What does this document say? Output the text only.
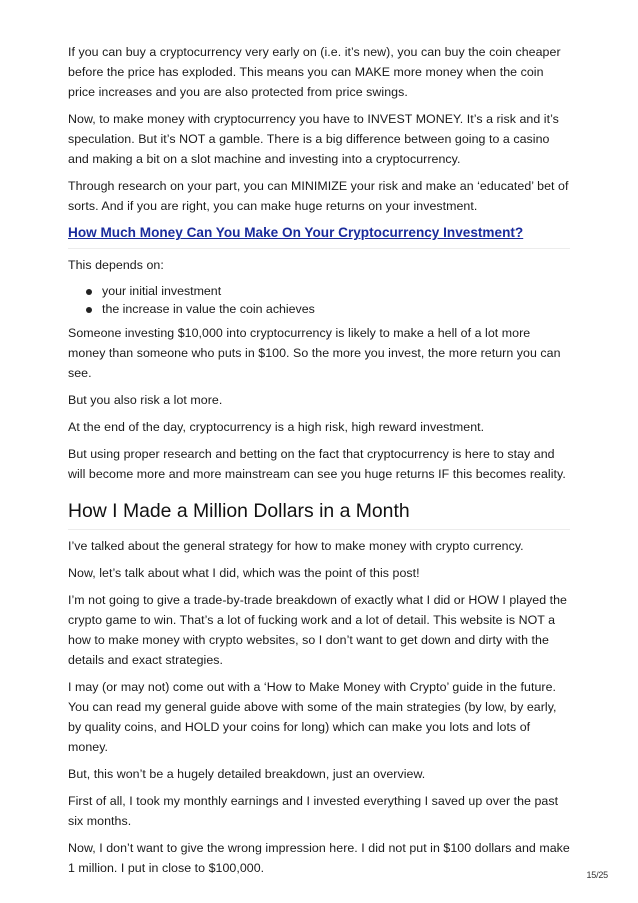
If you can buy a cryptocurrency very early on (i.e. it’s new), you can buy the coin cheaper before the price has exploded. This means you can MAKE more money when the coin price increases and you are also protected from price swings.

Now, to make money with cryptocurrency you have to INVEST MONEY. It’s a risk and it’s speculation. But it’s NOT a gamble. There is a big difference between going to a casino and making a bit on a slot machine and investing into a cryptocurrency.

Through research on your part, you can MINIMIZE your risk and make an ‘educated’ bet of sorts. And if you are right, you can make huge returns on your investment.

How Much Money Can You Make On Your Cryptocurrency Investment?

This depends on:

your initial investment
the increase in value the coin achieves

Someone investing $10,000 into cryptocurrency is likely to make a hell of a lot more money than someone who puts in $100. So the more you invest, the more return you can see.

But you also risk a lot more.

At the end of the day, cryptocurrency is a high risk, high reward investment.

But using proper research and betting on the fact that cryptocurrency is here to stay and will become more and more mainstream can see you huge returns IF this becomes reality.

How I Made a Million Dollars in a Month

I’ve talked about the general strategy for how to make money with crypto currency.

Now, let’s talk about what I did, which was the point of this post!

I’m not going to give a trade-by-trade breakdown of exactly what I did or HOW I played the crypto game to win. That’s a lot of fucking work and a lot of detail. This website is NOT a how to make money with crypto websites, so I don’t want to get down and dirty with the details and exact strategies.

I may (or may not) come out with a ‘How to Make Money with Crypto’ guide in the future. You can read my general guide above with some of the main strategies (by low, by early, by quality coins, and HOLD your coins for long) which can make you lots and lots of money.

But, this won’t be a hugely detailed breakdown, just an overview.

First of all, I took my monthly earnings and I invested everything I saved up over the past six months.

Now, I don’t want to give the wrong impression here. I did not put in $100 dollars and make 1 million. I put in close to $100,000.	15/25
